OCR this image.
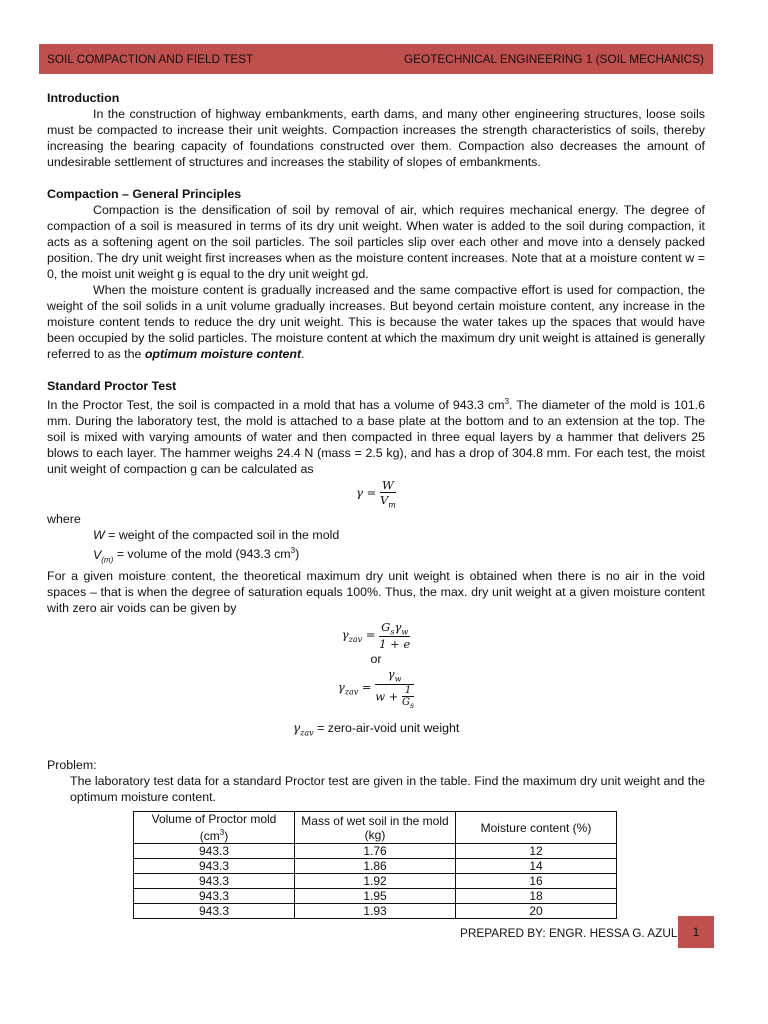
SOIL COMPACTION AND FIELD TEST	GEOTECHNICAL ENGINEERING 1 (SOIL MECHANICS)
Introduction

In the construction of highway embankments, earth dams, and many other engineering structures, loose soils must be compacted to increase their unit weights. Compaction increases the strength characteristics of soils, thereby increasing the bearing capacity of foundations constructed over them. Compaction also decreases the amount of undesirable settlement of structures and increases the stability of slopes of embankments.

Compaction – General Principles

Compaction is the densification of soil by removal of air, which requires mechanical energy. The degree of compaction of a soil is measured in terms of its dry unit weight. When water is added to the soil during compaction, it acts as a softening agent on the soil particles. The soil particles slip over each other and move into a densely packed position. The dry unit weight first increases when as the moisture content increases. Note that at a moisture content w = 0, the moist unit weight g is equal to the dry unit weight gd.

When the moisture content is gradually increased and the same compactive effort is used for compaction, the weight of the soil solids in a unit volume gradually increases. But beyond certain moisture content, any increase in the moisture content tends to reduce the dry unit weight. This is because the water takes up the spaces that would have been occupied by the solid particles. The moisture content at which the maximum dry unit weight is attained is generally referred to as the optimum moisture content.

Standard Proctor Test

In the Proctor Test, the soil is compacted in a mold that has a volume of 943.3 $cm^3$. The diameter of the mold is 101.6 mm. During the laboratory test, the mold is attached to a base plate at the bottom and to an extension at the top. The soil is mixed with varying amounts of water and then compacted in three equal layers by a hammer that delivers 25 blows to each layer. The hammer weighs 24.4 N (mass = 2.5 kg), and has a drop of 304.8 mm. For each test, the moist unit weight of compaction g can be calculated as

$\gamma = \frac{W}{V_m}$

where

W = weight of the compacted soil in the mold

$V_{(m)}$ = volume of the mold (943.3 $cm^3$)

For a given moisture content, the theoretical maximum dry unit weight is obtained when there is no air in the void spaces – that is when the degree of saturation equals 100%. Thus, the max. dry unit weight at a given moisture content with zero air voids can be given by

$\gamma_{zav} = \frac{G_s\gamma_w}{1 + e}$
or
$\gamma_{zav} = \frac{\gamma_w}{w + \frac{1}{G_s}}$
$\gamma_{zav}$ = zero-air-void unit weight

Problem:

The laboratory test data for a standard Proctor test are given in the table. Find the maximum dry unit weight and the optimum moisture content.

Volume of Proctor mold $(cm^3)$	Mass of wet soil in the mold (kg)	Moisture content (%)
943.3	1.76	12
943.3	1.86	14
943.3	1.92	16
943.3	1.95	18
943.3	1.93	20
PREPARED BY: ENGR. HESSA G. AZUL	1
